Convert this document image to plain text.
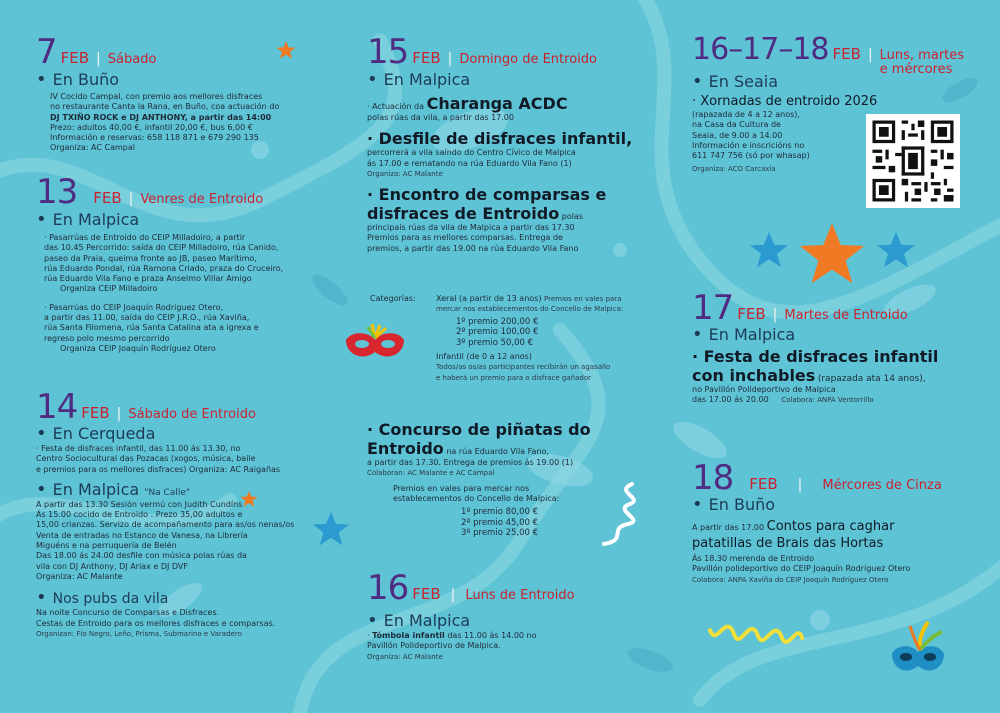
7 FEB | Sábado
• En Buño
IV Cocido Campal, con premio aos mellores disfraces
no restaurante Canta la Rana, en Buño, coa actuación do
DJ TXIÑO ROCK e DJ ANTHONY, a partir das 14:00
Prezo: adultos 40,00 €, infantil 20,00 €, bus 6,00 €
Información e reservas: 658 118 871 e 679 290 135
Organiza: AC Campal
13 FEB | Venres de Entroido
• En Malpica
· Pasarrúas de Entroido do CEIP Milladoiro, a partir
das 10.45 Percorrido: saída do CEIP Milladoiro, rúa Canido,
paseo da Praia, queima fronte ao JB, paseo Marítimo,
rúa Eduardo Pondal, rúa Ramona Criado, praza do Cruceiro,
rúa Eduardo Vila Fano e praza Anselmo Villar Amigo
Organiza CEIP Milladoiro
· Pasarrúas do CEIP Joaquín Rodríguez Otero,
a partir das 11.00, saída do CEIP J.R.O., rúa Xaviña,
rúa Santa Filomena, rúa Santa Catalina ata a igrexa e
regreso polo mesmo percorrido
Organiza CEIP Joaquín Rodríguez Otero
14 FEB | Sábado de Entroido
• En Cerqueda
· Festa de disfraces infantil, das 11.00 ás 13.30, no
Centro Sociocultural das Pozacas (xogos, música, baile
e premios para os mellores disfraces) Organiza: AC Raigañas
• En Malpica "Na Calle"
A partir das 13.30 Sesión vermú con Judith Cundíns
Ás 15.00 cocido de Entroido . Prezo 35,00 adultos e
15,00 crianzas. Servizo de acompañamento para as/os nenas/os
Venta de entradas no Estanco de Vanesa, na Librería
Miguéns e na perruquería de Belén
Das 18.00 ás 24.00 desfile con música polas rúas da
vila con DJ Anthony, DJ Ariax e DJ DVF
Organiza: AC Malante
• Nos pubs da vila
Na noite Concurso de Comparsas e Disfraces.
Cestas de Entroido para os mellores disfraces e comparsas.
Organizan: Fío Negro, Leño, Prisma, Submarino e Varadero
15 FEB | Domingo de Entroido
• En Malpica
· Actuación da Charanga ACDC
polas rúas da vila, a partir das 17.00
· Desfile de disfraces infantil,
percorrerá a vila saíndo do Centro Cívico de Malpica
ás 17.00 e rematando na rúa Eduardo Vila Fano (1)
Organiza: AC Malante
· Encontro de comparsas e
disfraces de Entroido polas
principais rúas da vila de Malpica a partir das 17.30
Premios para as mellores comparsas. Entrega de
premios, a partir das 19.00 na rúa Eduardo Vila Fano
Categorías:	Xeral (a partir de 13 anos) Premios en vales para
mercar nos establecementos do Concello de Malpica:
1º premio 200,00 €
2º premio 100,00 €
3º premio 50,00 €
Infantil (de 0 a 12 anos)
Todos/as os/as participantes recibirán un agasallo
e haberá un premio para o disfrace gañador
· Concurso de piñatas do
Entroido na rúa Eduardo Vila Fano,
a partir das 17.30. Entrega de premios ás 19.00 (1)
Colaboran: AC Malante e AC Campal
Premios en vales para mercar nos
establecementos do Concello de Malpica:
1º premio 80,00 €
2º premio 45,00 €
3º premio 25,00 €
16 FEB | Luns de Entroido
• En Malpica
· Tómbola infantil das 11.00 ás 14.00 no
Pavillón Polideportivo de Malpica.
Organiza: AC Malante
16–17–18 FEB | Luns, martes
e mércores
• En Seaia
· Xornadas de entroido 2026
(rapazada de 4 a 12 anos),
na Casa da Cultura de
Seaia, de 9.00 a 14.00
Información e inscricións no
611 747 756 (só por whasap)
Organiza: ACO Carcaxía
17 FEB | Martes de Entroido
• En Malpica
· Festa de disfraces infantil
con inchables (rapazada ata 14 anos),
no Pavillón Polideportivo de Malpica
das 17.00 ás 20.00 Colabora: ANPA Ventorrillo
18 FEB | Mércores de Cinza
• En Buño
A partir das 17.00 Contos para caghar
patatillas de Brais das Hortas
Ás 18.30 merenda de Entroido
Pavillón polideportivo do CEIP Joaquín Rodríguez Otero
Colabora: ANPA Xaviña do CEIP Joaquín Rodríguez Otero
